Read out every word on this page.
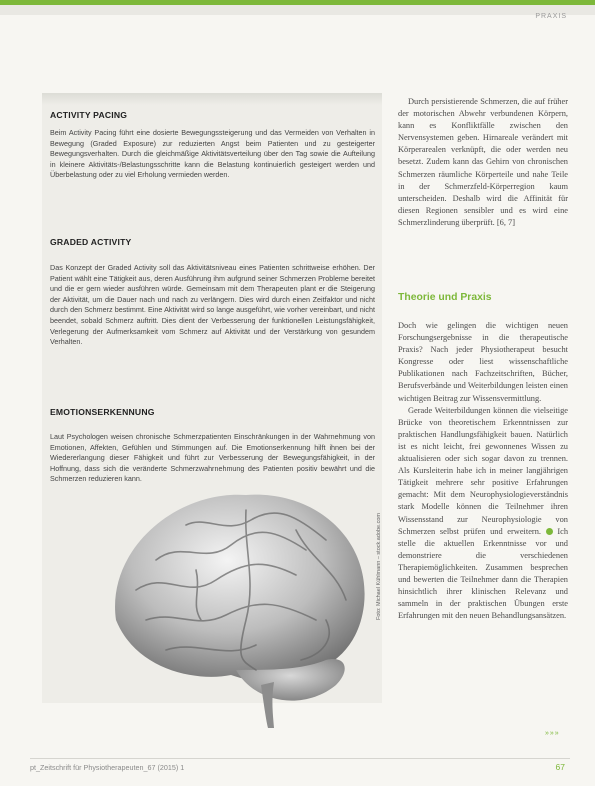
PRAXIS
ACTIVITY PACING

Beim Activity Pacing führt eine dosierte Bewegungssteigerung und das Vermeiden von Verhalten in Bewegung (Graded Exposure) zur reduzierten Angst beim Patienten und zu gesteigerter Bewegungsverhalten. Durch die gleichmäßige Aktivitätsverteilung über den Tag sowie die Aufteilung in kleinere Aktivitäts-/Belastungsschritte kann die Belastung kontinuierlich gesteigert werden und Überbelastung oder zu viel Erholung vermieden werden.

GRADED ACTIVITY

Das Konzept der Graded Activity soll das Aktivitätsniveau eines Patienten schrittweise erhöhen. Der Patient wählt eine Tätigkeit aus, deren Ausführung ihm aufgrund seiner Schmerzen Probleme bereitet und die er gern wieder ausführen würde. Gemeinsam mit dem Therapeuten plant er die Steigerung der Aktivität, um die Dauer nach und nach zu verlängern. Dies wird durch einen Zeitfaktor und nicht durch den Schmerz bestimmt. Eine Aktivität wird so lange ausgeführt, wie vorher vereinbart, und nicht beendet, sobald Schmerz auftritt. Dies dient der Verbesserung der funktionellen Leistungsfähigkeit, Verlegerung der Aufmerksamkeit vom Schmerz auf Aktivität und der Verstärkung von gesundem Verhalten.

EMOTIONSERKENNUNG

Laut Psychologen weisen chronische Schmerzpatienten Einschränkungen in der Wahrnehmung von Emotionen, Affekten, Gefühlen und Stimmungen auf. Die Emotionserkennung hilft ihnen bei der Wiedererlangung dieser Fähigkeit und führt zur Verbesserung der Bewegungsfähigkeit, in der Hoffnung, dass sich die veränderte Schmerzwahrnehmung des Patienten positiv bewährt und die Schmerzen reduzieren kann.

Foto: Michael Kühlmann – stock.adobe.com

Durch persistierende Schmerzen, die auf früher der motorischen Abwehr verbundenen Körpern, kann es Konfliktfälle zwischen den Nervensystemen geben. Hirnareale verändert mit Körperarealen verknüpft, die oder werden neu besetzt. Zudem kann das Gehirn von chronischen Schmerzen räumliche Körperteile und nahe Teile in der Schmerzfeld-Körperregion kaum unterscheiden. Deshalb wird die Affinität für diesen Regionen sensibler und es wird eine Schmerzlinderung überprüft. [6, 7]

Theorie und Praxis

Doch wie gelingen die wichtigen neuen Forschungsergebnisse in die therapeutische Praxis? Nach jeder Physiotherapeut besucht Kongresse oder liest wissenschaftliche Publikationen nach Fachzeitschriften, Bücher, Berufsverbände und Weiterbildungen leisten einen wichtigen Beitrag zur Wissensvermittlung.

Gerade Weiterbildungen können die vielseitige Brücke von theoretischem Erkenntnissen zur praktischen Handlungsfähigkeit bauen. Natürlich ist es nicht leicht, frei gewonnenes Wissen zu aktualisieren oder sich sogar davon zu trennen. Als Kursleiterin habe ich in meiner langjährigen Tätigkeit mehrere sehr positive Erfahrungen gemacht: Mit dem Neurophysiologieverständnis stark Modelle können die Teilnehmer ihren Wissensstand zur Neurophysiologie von Schmerzen selbst prüfen und erweitern. Ich stelle die aktuellen Erkenntnisse vor und demonstriere die verschiedenen Therapiemöglichkeiten. Zusammen besprechen und bewerten die Teilnehmer dann die Therapien hinsichtlich ihrer klinischen Relevanz und sammeln in der praktischen Übungen erste Erfahrungen mit den neuen Behandlungsansätzen.

»»»
pt_Zeitschrift für Physiotherapeuten_67 (2015) 1	67
